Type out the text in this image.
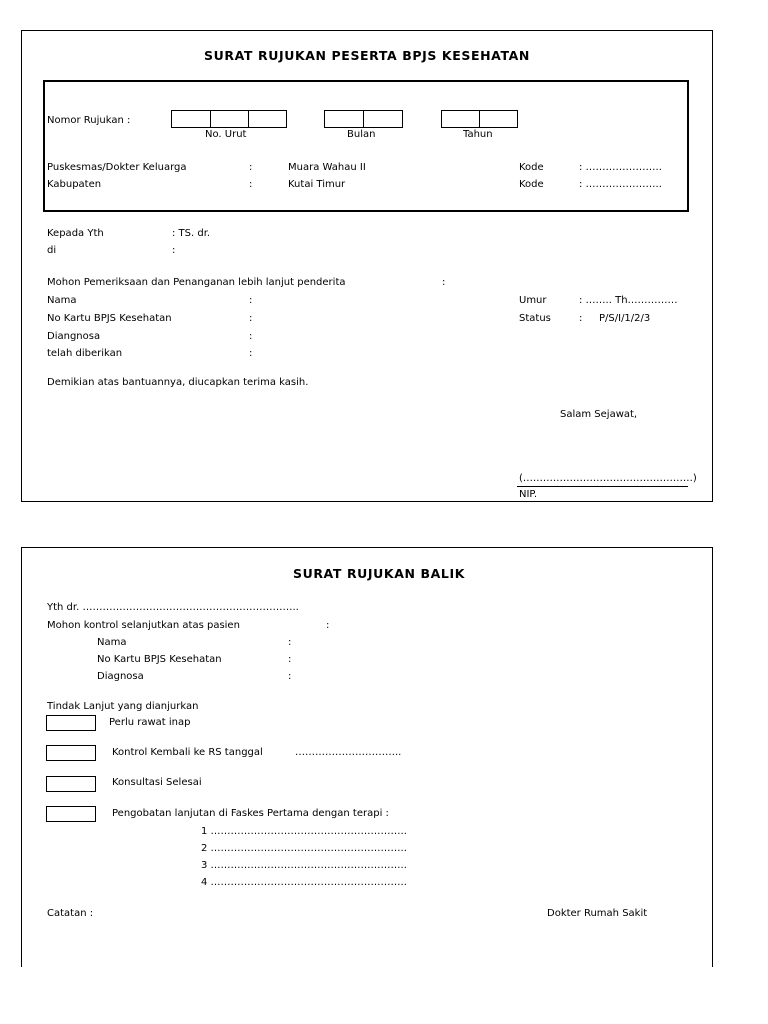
SURAT RUJUKAN PESERTA BPJS KESEHATAN
Nomor Rujukan :
No. Urut	Bulan	Tahun
Puskesmas/Dokter Keluarga	:	Muara Wahau II	Kode	: …………………..
Kabupaten	:	Kutai Timur	Kode	: …………………..
Kepada Yth	: TS. dr.
di	:
Mohon Pemeriksaan dan Penanganan lebih lanjut penderita	:
Nama	:	Umur	: …….. Th……………
No Kartu BPJS Kesehatan	:	Status	: P/S/I/1/2/3
Diangnosa	:
telah diberikan	:
Demikian atas bantuannya, diucapkan terima kasih.
Salam Sejawat,
(……………………………………………)
NIP.
SURAT RUJUKAN BALIK
Yth dr. ………………………………………………………..
Mohon kontrol selanjutkan atas pasien	:
Nama	:
No Kartu BPJS Kesehatan	:
Diagnosa	:
Tindak Lanjut yang dianjurkan
Perlu rawat inap
Kontrol Kembali ke RS tanggal	…………………………..
Konsultasi Selesai
Pengobatan lanjutan di Faskes Pertama dengan terapi :
1 …………………………………………………..
2 …………………………………………………..
3 …………………………………………………..
4 …………………………………………………..
Catatan :	Dokter Rumah Sakit
